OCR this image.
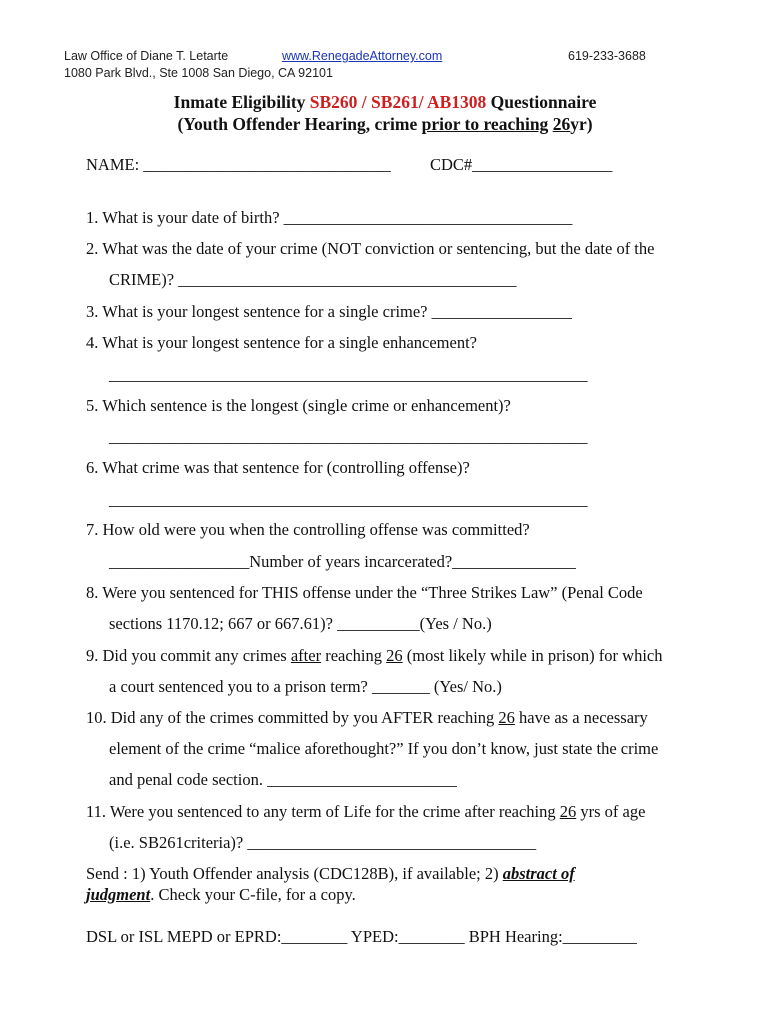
Law Office of Diane T. Letarte	www.RenegadeAttorney.com	619-233-3688
1080 Park Blvd., Ste 1008 San Diego, CA 92101
Inmate Eligibility SB260 / SB261/ AB1308 Questionnaire
(Youth Offender Hearing, crime prior to reaching 26yr)
NAME: ______________________________ CDC#_________________
1. What is your date of birth? ___________________________________
2. What was the date of your crime (NOT conviction or sentencing, but the date of the
CRIME)? _________________________________________
3. What is your longest sentence for a single crime? _________________
4. What is your longest sentence for a single enhancement?
__________________________________________________________
5. Which sentence is the longest (single crime or enhancement)?
__________________________________________________________
6. What crime was that sentence for (controlling offense)?
__________________________________________________________
7. How old were you when the controlling offense was committed?
_________________Number of years incarcerated?_______________
8. Were you sentenced for THIS offense under the “Three Strikes Law” (Penal Code
sections 1170.12; 667 or 667.61)? __________(Yes / No.)
9. Did you commit any crimes after reaching 26 (most likely while in prison) for which
a court sentenced you to a prison term? _______ (Yes/ No.)
10. Did any of the crimes committed by you AFTER reaching 26 have as a necessary
element of the crime “malice aforethought?” If you don’t know, just state the crime
and penal code section. _______________________
11. Were you sentenced to any term of Life for the crime after reaching 26 yrs of age
(i.e. SB261criteria)? ___________________________________
Send : 1) Youth Offender analysis (CDC128B), if available; 2) abstract of
judgment. Check your C-file, for a copy.
DSL or ISL MEPD or EPRD:________ YPED:________ BPH Hearing:_________
